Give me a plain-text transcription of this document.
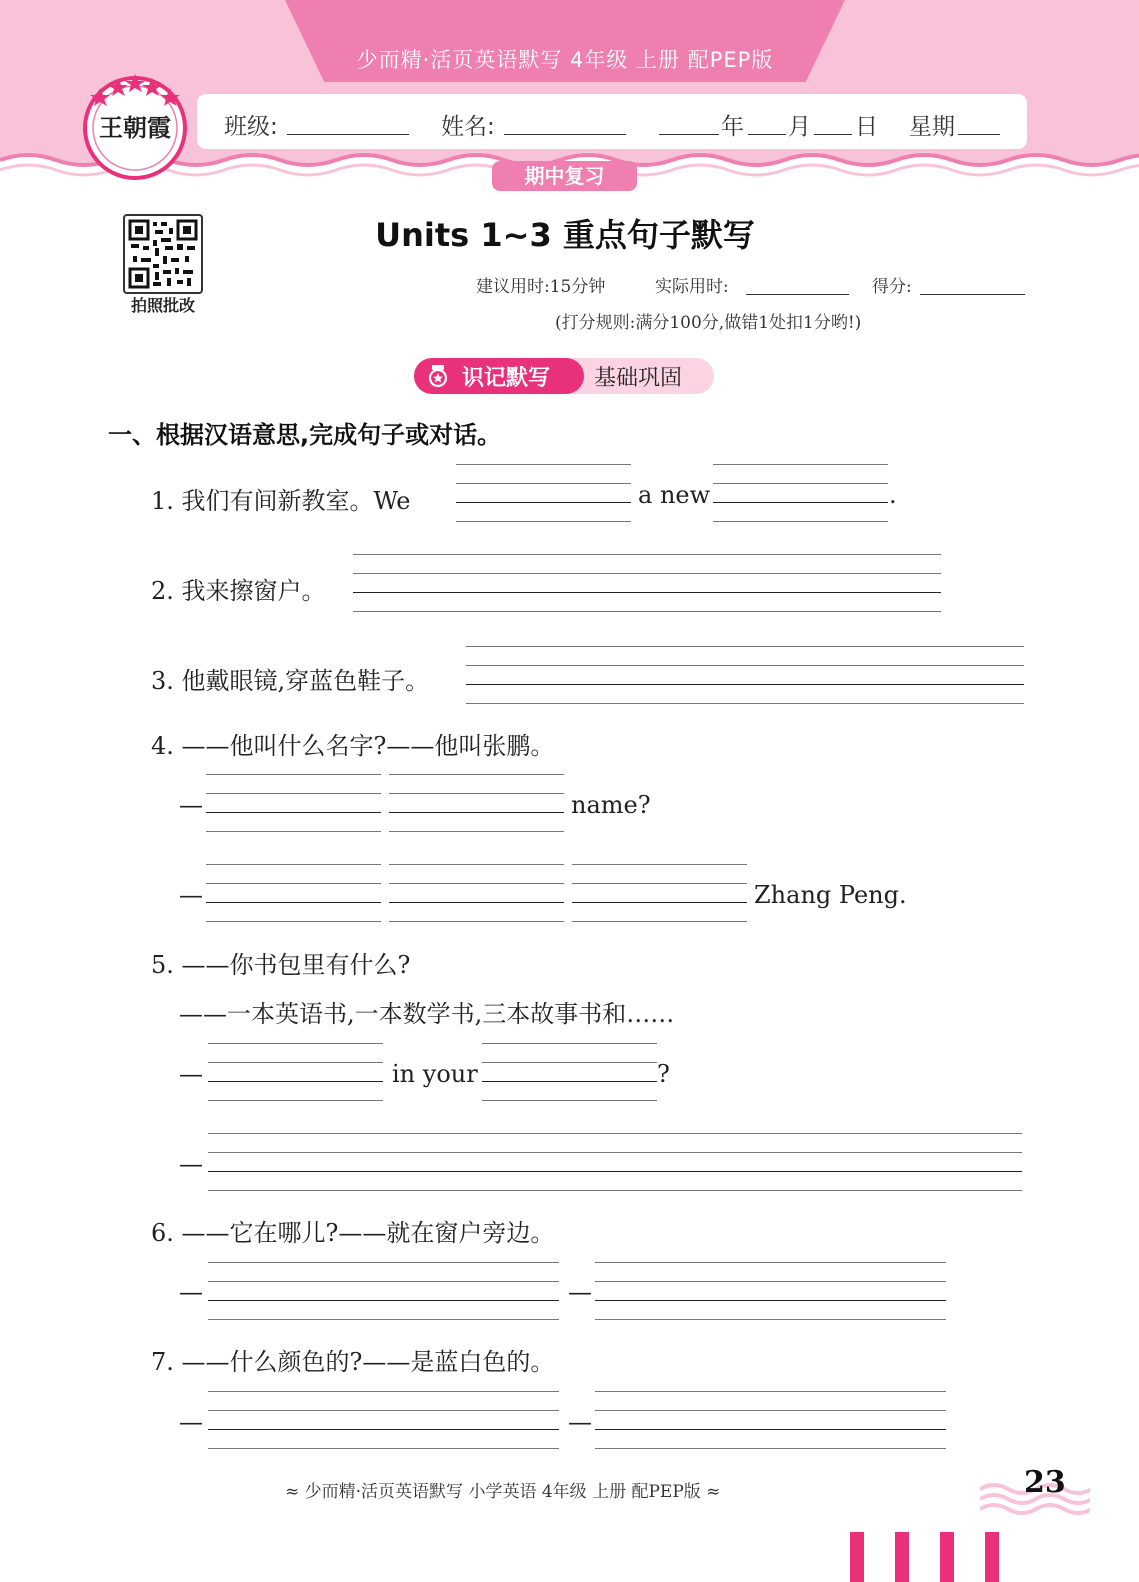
少而精·活页英语默写 4年级 上册 配PEP版
班级:	姓名:	年 月 日 星期
期中复习
王朝霞
拍照批改
Units 1~3 重点句子默写
建议用时:15分钟	实际用时:	得分:
(打分规则:满分100分,做错1处扣1分哟!)
识记默写 基础巩固
一、根据汉语意思,完成句子或对话。
1. 我们有间新教室。We	a new	.
2. 我来擦窗户。
3. 他戴眼镜,穿蓝色鞋子。
4. ——他叫什么名字?——他叫张鹏。
—	name?
—	Zhang Peng.
5. ——你书包里有什么?
——一本英语书,一本数学书,三本故事书和……
—	in your	?
—
6. ——它在哪儿?——就在窗户旁边。
—	—
7. ——什么颜色的?——是蓝白色的。
—	—
≈ 少而精·活页英语默写 小学英语 4年级 上册 配PEP版 ≈	23
